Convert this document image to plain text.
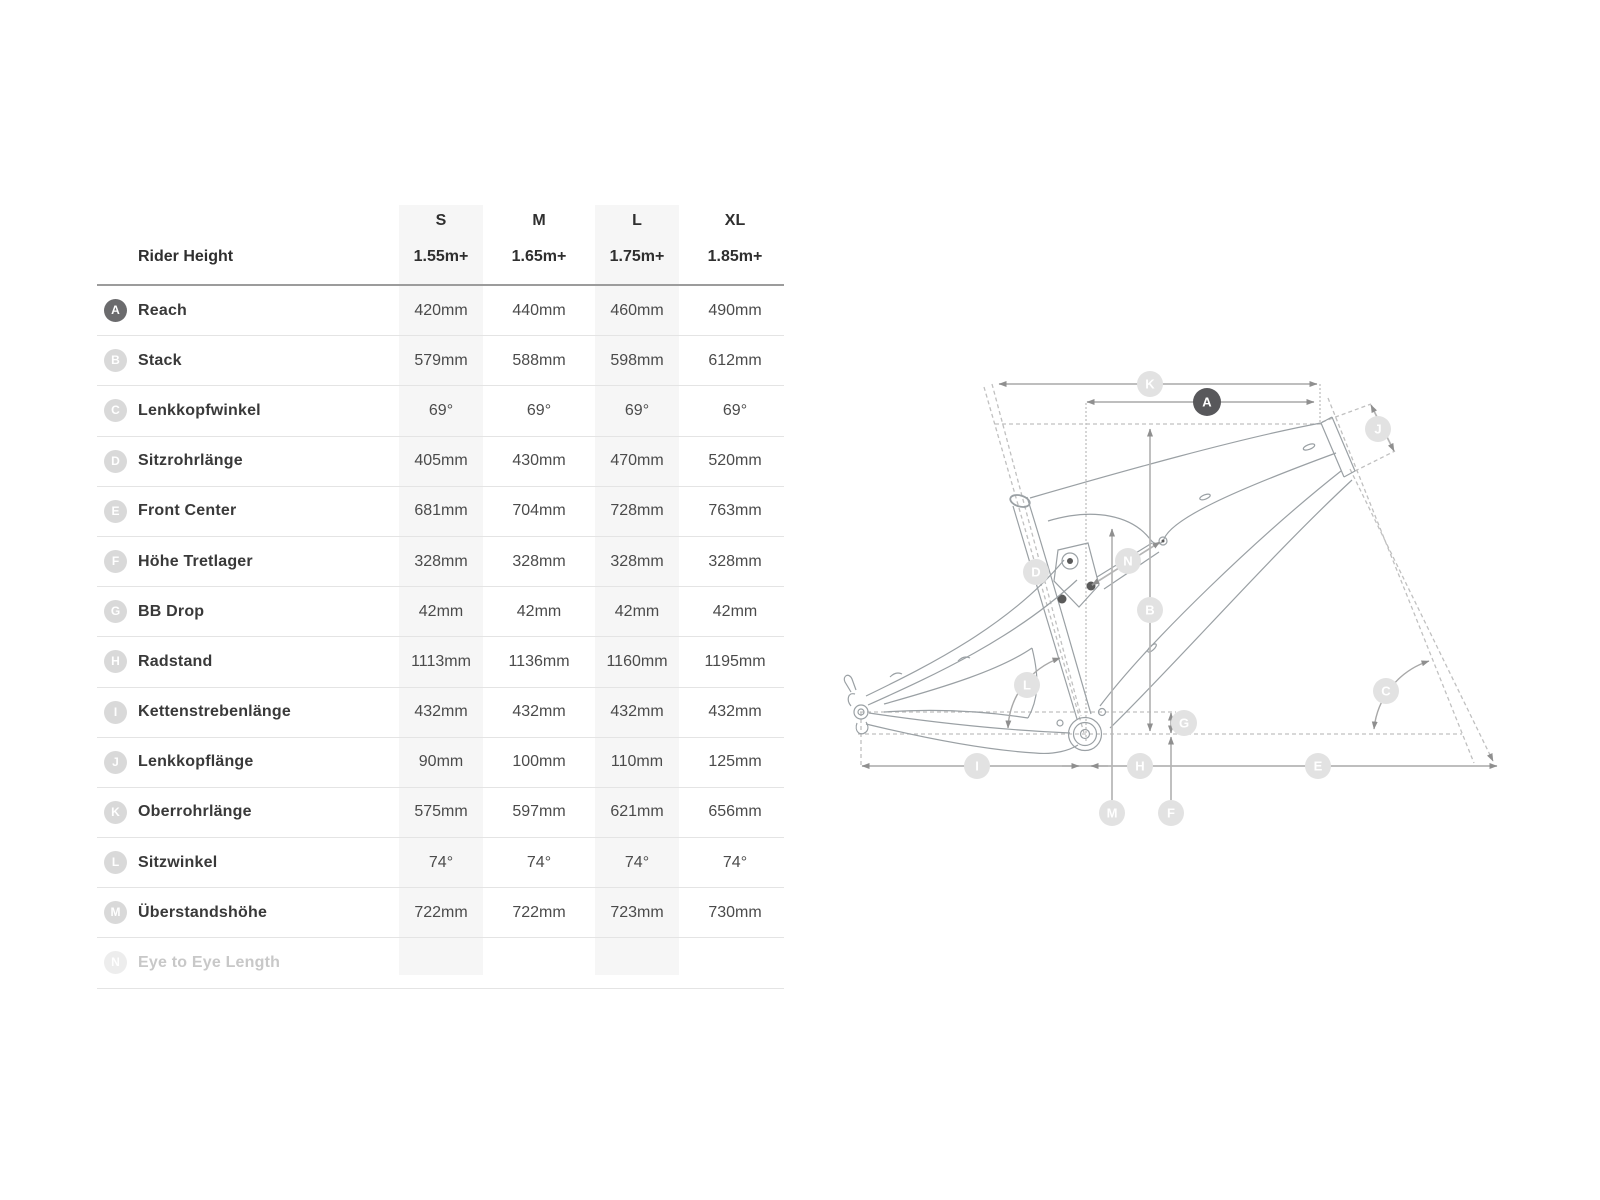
S	M	L	XL
Rider Height	1.55m+	1.65m+	1.75m+	1.85m+
A	Reach	420mm	440mm	460mm	490mm
B	Stack	579mm	588mm	598mm	612mm
C	Lenkkopfwinkel	69°	69°	69°	69°
D	Sitzrohrlänge	405mm	430mm	470mm	520mm
E	Front Center	681mm	704mm	728mm	763mm
F	Höhe Tretlager	328mm	328mm	328mm	328mm
G	BB Drop	42mm	42mm	42mm	42mm
H	Radstand	1113mm	1136mm	1160mm	1195mm
I	Kettenstrebenlänge	432mm	432mm	432mm	432mm
J	Lenkkopflänge	90mm	100mm	110mm	125mm
K	Oberrohrlänge	575mm	597mm	621mm	656mm
L	Sitzwinkel	74°	74°	74°	74°
M	Überstandshöhe	722mm	722mm	723mm	730mm
N	Eye to Eye Length
K
A
J
D
N
B
L	C
G
I	H	E
M	F
